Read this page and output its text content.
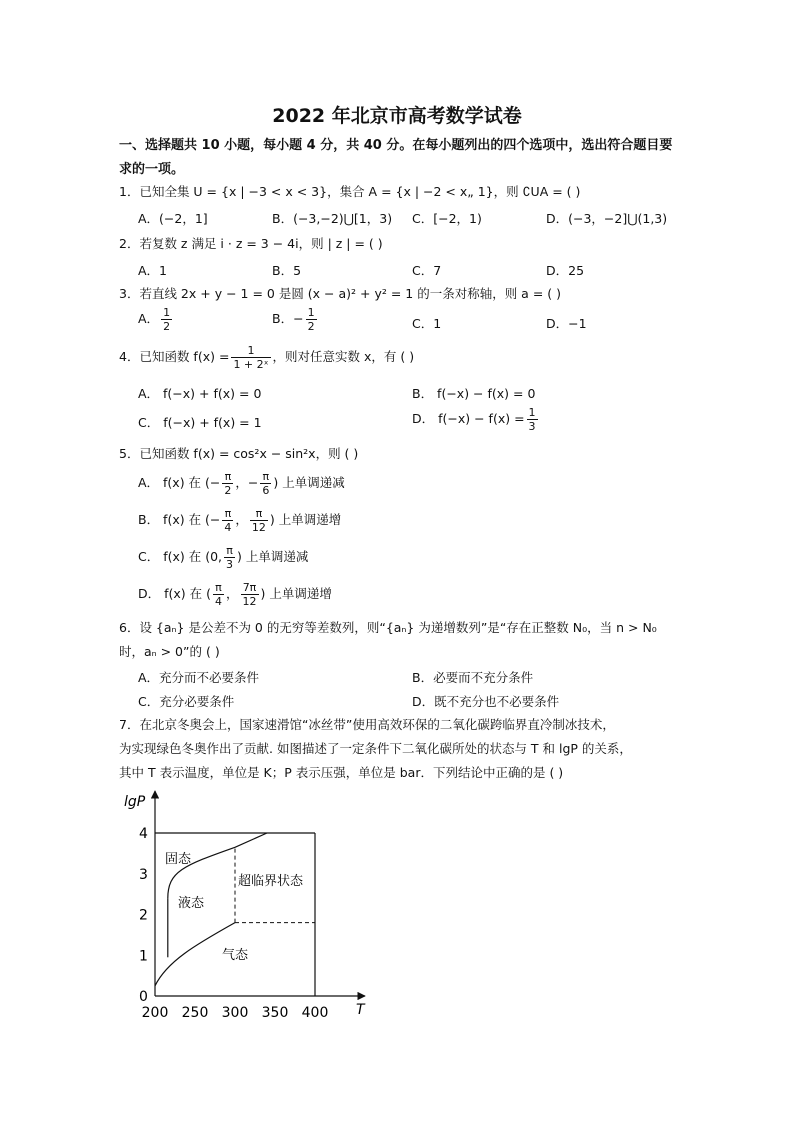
2022 年北京市高考数学试卷
一、选择题共 10 小题，每小题 4 分，共 40 分。在每小题列出的四个选项中，选出符合题目要求的一项。
1．已知全集 U = {x | −3 < x < 3}，集合 A = {x | −2 < x„ 1}，则 ∁UA = ( )
A．(−2，1]	B．(−3,−2)⋃[1，3) C．[−2，1)	D．(−3，−2]⋃(1,3)
2．若复数 z 满足 i · z = 3 − 4i，则 | z | = ( )
A．1	B．5	C．7	D．25
3．若直线 2x + y − 1 = 0 是圆 (x − a)² + y² = 1 的一条对称轴，则 a = ( )
A． $\frac{1}{2}$	B．− $\frac{1}{2}$	C．1	D．−1
4．已知函数 $f(x) = \frac{1}{\text{1 + 2ˣ}}$ ，则对任意实数 x，有 ( )
A． f(−x) + f(x) = 0	B． f(−x) − f(x) = 0
C． f(−x) + f(x) = 1	D． $f(-x) - f(x) = \frac{1}{3}$
5．已知函数 f(x) = cos²x − sin²x，则 ( )
A． f(x) 在 (− $\frac{\pi}{2}$ ，− $\frac{\pi}{6}$ ) 上单调递减
B． f(x) 在 (− $\frac{\pi}{4}$ ， $\frac{\pi}{12}$ ) 上单调递增
C． f(x) 在 (0, $\frac{\pi}{3}$ ) 上单调递减
D． f(x) 在 ( $\frac{\pi}{4}$ ， $\frac{7\pi}{12}$ ) 上单调递增
6．设 {aₙ} 是公差不为 0 的无穷等差数列，则“{aₙ} 为递增数列”是“存在正整数 N₀，当 n > N₀
时，aₙ > 0”的 ( )
A．充分而不必要条件	B．必要而不充分条件
C．充分必要条件	D．既不充分也不必要条件
7．在北京冬奥会上，国家速滑馆“冰丝带”使用高效环保的二氧化碳跨临界直冷制冰技术，
为实现绿色冬奥作出了贡献. 如图描述了一定条件下二氧化碳所处的状态与 T 和 lgP 的关系，
其中 T 表示温度，单位是 K；P 表示压强，单位是 bar．下列结论中正确的是 ( )
lgP
T
0
1
2
3
4
200 250 300 350 400
固态
液态
超临界状态
气态
